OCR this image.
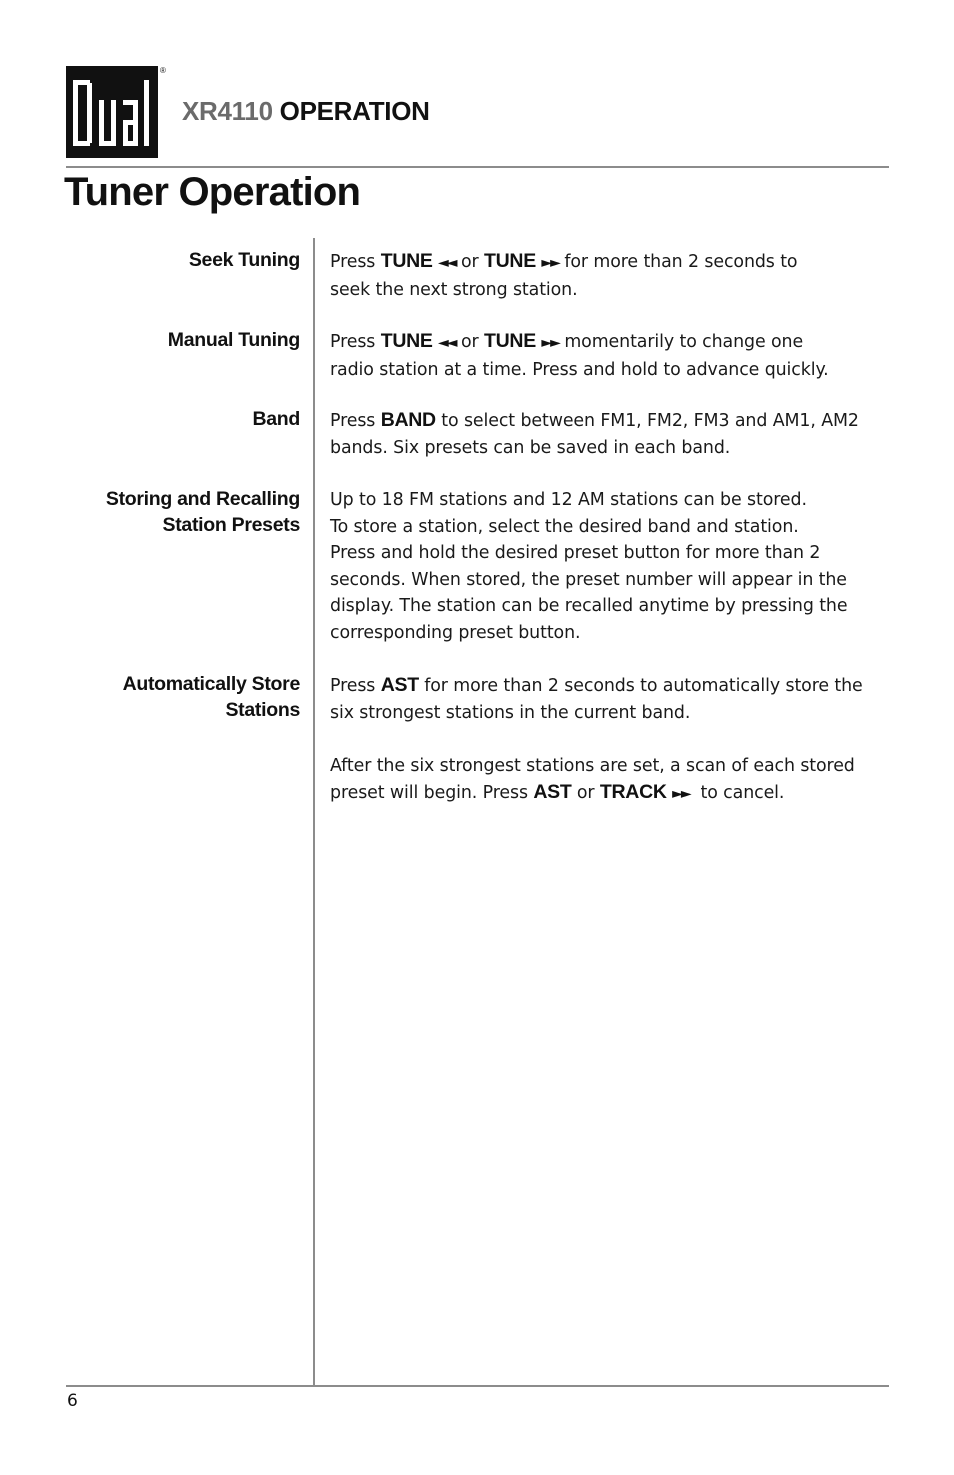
®
XR4110 OPERATION
Tuner Operation
Seek Tuning Press TUNE ◄◄ or TUNE ►► for more than 2 seconds to

seek the next strong station.

Manual Tuning Press TUNE ◄◄ or TUNE ►► momentarily to change one

radio station at a time. Press and hold to advance quickly.

Band Press BAND to select between FM1, FM2, FM3 and AM1, AM2

bands. Six presets can be saved in each band.

Storing and Recalling
Station Presets

Up to 18 FM stations and 12 AM stations can be stored.

To store a station, select the desired band and station.

Press and hold the desired preset button for more than 2

seconds. When stored, the preset number will appear in the

display. The station can be recalled anytime by pressing the

corresponding preset button.

Automatically Store
Stations

Press AST for more than 2 seconds to automatically store the

six strongest stations in the current band.

After the six strongest stations are set, a scan of each stored

preset will begin. Press AST or TRACK ►►  to cancel.

6
